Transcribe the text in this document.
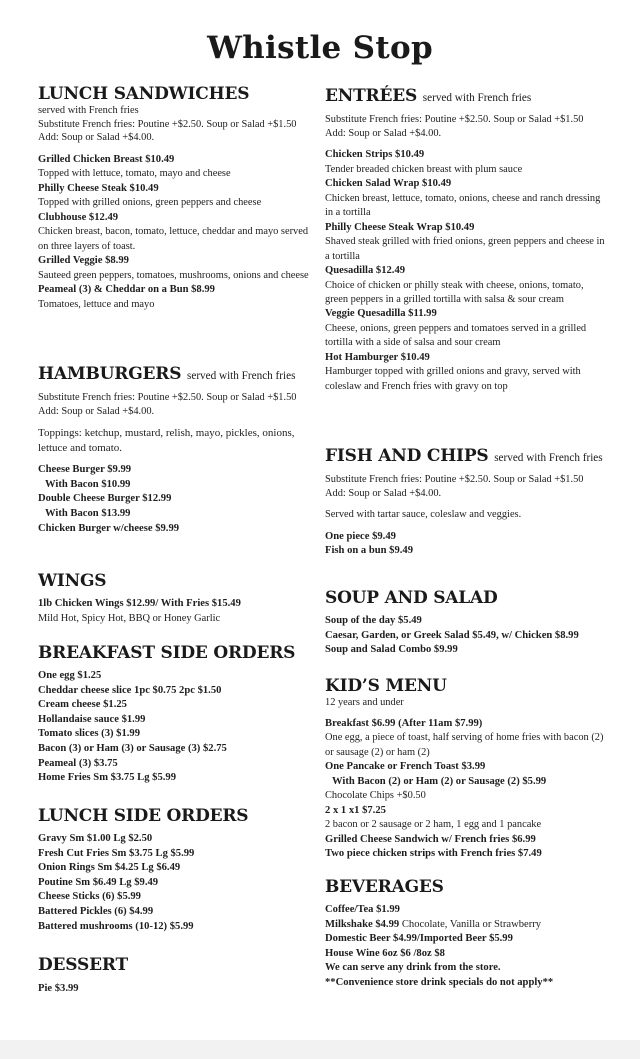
Whistle Stop
LUNCH SANDWICHES
served with French fries
Substitute French fries: Poutine +$2.50. Soup or Salad +$1.50
Add: Soup or Salad +$4.00.
Grilled Chicken Breast $10.49
Topped with lettuce, tomato, mayo and cheese
Philly Cheese Steak $10.49
Topped with grilled onions, green peppers and cheese
Clubhouse $12.49
Chicken breast, bacon, tomato, lettuce, cheddar and mayo served on three layers of toast.
Grilled Veggie $8.99
Sauteed green peppers, tomatoes, mushrooms, onions and cheese
Peameal (3) & Cheddar on a Bun $8.99
Tomatoes, lettuce and mayo
HAMBURGERS served with French fries
Substitute French fries: Poutine +$2.50. Soup or Salad +$1.50
Add: Soup or Salad +$4.00.
Toppings: ketchup, mustard, relish, mayo, pickles, onions, lettuce and tomato.
Cheese Burger $9.99
With Bacon $10.99
Double Cheese Burger $12.99
With Bacon $13.99
Chicken Burger w/cheese $9.99
WINGS
1lb Chicken Wings $12.99/ With Fries $15.49
Mild Hot, Spicy Hot, BBQ or Honey Garlic
BREAKFAST SIDE ORDERS
One egg $1.25
Cheddar cheese slice 1pc $0.75 2pc $1.50
Cream cheese $1.25
Hollandaise sauce $1.99
Tomato slices (3) $1.99
Bacon (3) or Ham (3) or Sausage (3) $2.75
Peameal (3) $3.75
Home Fries Sm $3.75 Lg $5.99
LUNCH SIDE ORDERS
Gravy Sm $1.00 Lg $2.50
Fresh Cut Fries Sm $3.75 Lg $5.99
Onion Rings Sm $4.25 Lg $6.49
Poutine Sm $6.49 Lg $9.49
Cheese Sticks (6) $5.99
Battered Pickles (6) $4.99
Battered mushrooms (10-12) $5.99
DESSERT
Pie $3.99
ENTRÉES served with French fries
Substitute French fries: Poutine +$2.50. Soup or Salad +$1.50
Add: Soup or Salad +$4.00.
Chicken Strips $10.49
Tender breaded chicken breast with plum sauce
Chicken Salad Wrap $10.49
Chicken breast, lettuce, tomato, onions, cheese and ranch dressing in a tortilla
Philly Cheese Steak Wrap $10.49
Shaved steak grilled with fried onions, green peppers and cheese in a tortilla
Quesadilla $12.49
Choice of chicken or philly steak with cheese, onions, tomato, green peppers in a grilled tortilla with salsa & sour cream
Veggie Quesadilla $11.99
Cheese, onions, green peppers and tomatoes served in a grilled tortilla with a side of salsa and sour cream
Hot Hamburger $10.49
Hamburger topped with grilled onions and gravy, served with coleslaw and French fries with gravy on top
FISH AND CHIPS served with French fries
Substitute French fries: Poutine +$2.50. Soup or Salad +$1.50
Add: Soup or Salad +$4.00.
Served with tartar sauce, coleslaw and veggies.
One piece $9.49
Fish on a bun $9.49
SOUP AND SALAD
Soup of the day $5.49
Caesar, Garden, or Greek Salad $5.49, w/ Chicken $8.99
Soup and Salad Combo $9.99
KID’S MENU
12 years and under
Breakfast $6.99 (After 11am $7.99)
One egg, a piece of toast, half serving of home fries with bacon (2) or sausage (2) or ham (2)
One Pancake or French Toast $3.99
With Bacon (2) or Ham (2) or Sausage (2) $5.99
Chocolate Chips +$0.50
2 x 1 x1 $7.25
2 bacon or 2 sausage or 2 ham, 1 egg and 1 pancake
Grilled Cheese Sandwich w/ French fries $6.99
Two piece chicken strips with French fries $7.49
BEVERAGES
Coffee/Tea $1.99
Milkshake $4.99 Chocolate, Vanilla or Strawberry
Domestic Beer $4.99/Imported Beer $5.99
House Wine 6oz $6 /8oz $8
We can serve any drink from the store.
**Convenience store drink specials do not apply**
